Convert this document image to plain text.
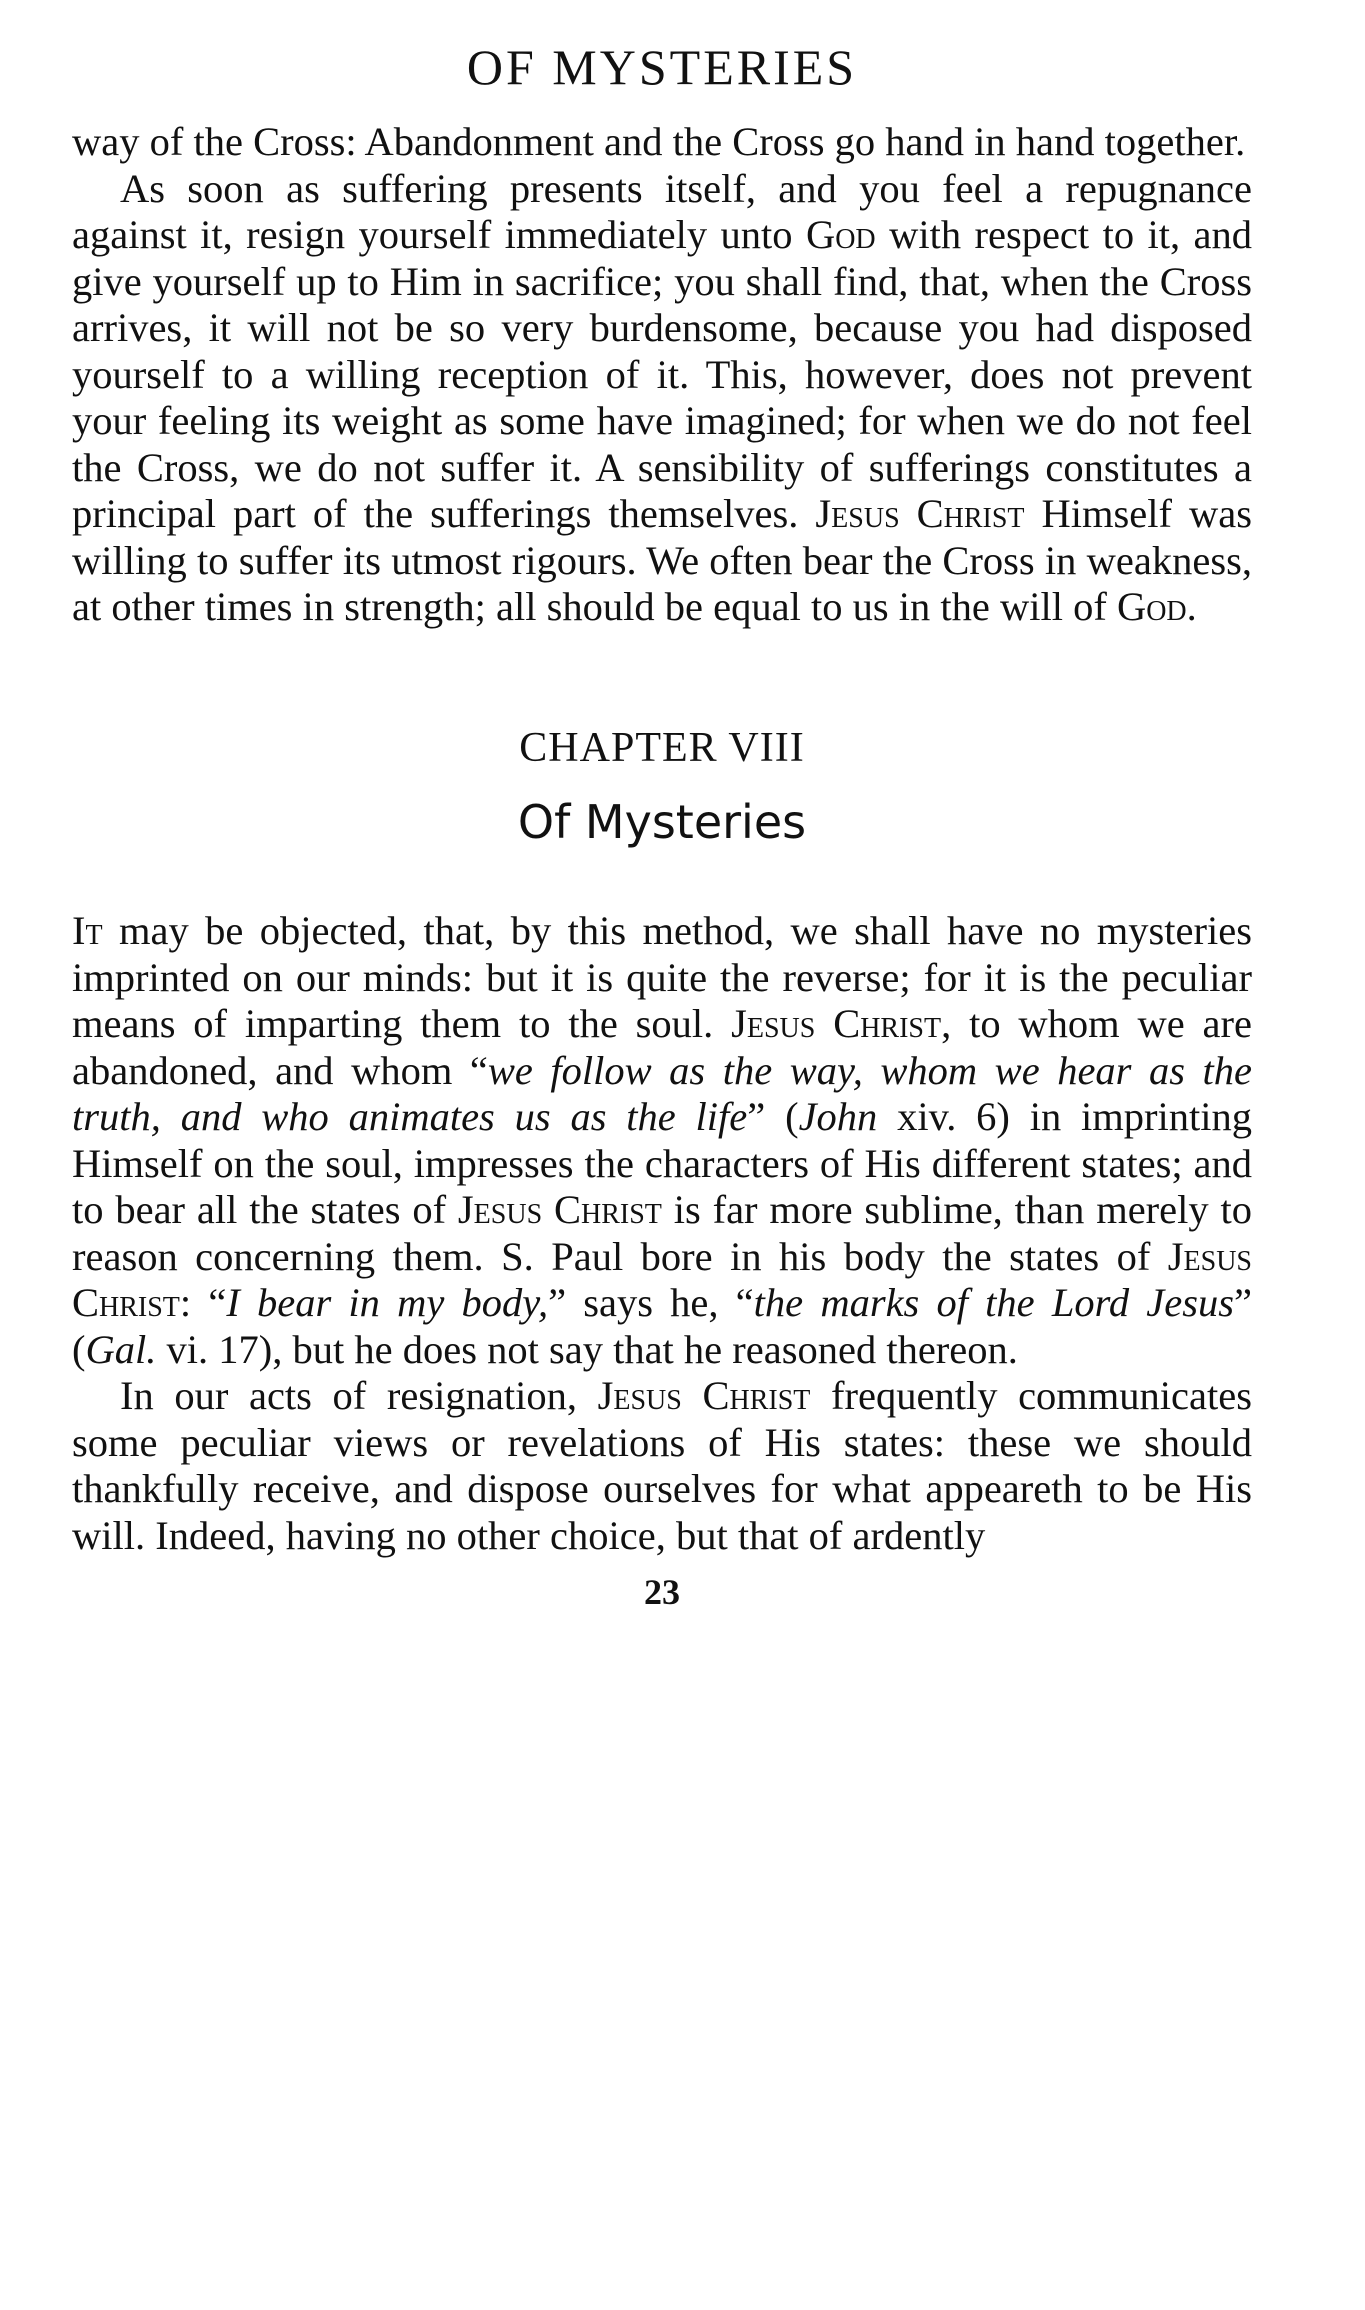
OF MYSTERIES

way of the Cross: Abandonment and the Cross go hand in hand together.

As soon as suffering presents itself, and you feel a repugnance against it, resign yourself immediately unto God with respect to it, and give yourself up to Him in sacrifice; you shall find, that, when the Cross arrives, it will not be so very burdensome, because you had disposed yourself to a willing reception of it. This, however, does not prevent your feeling its weight as some have imagined; for when we do not feel the Cross, we do not suffer it. A sensibility of sufferings constitutes a principal part of the sufferings themselves. Jesus Christ Himself was willing to suffer its utmost rigours. We often bear the Cross in weakness, at other times in strength; all should be equal to us in the will of God.

CHAPTER VIII
Of Mysteries

It may be objected, that, by this method, we shall have no mysteries imprinted on our minds: but it is quite the reverse; for it is the peculiar means of imparting them to the soul. Jesus Christ, to whom we are abandoned, and whom “we follow as the way, whom we hear as the truth, and who animates us as the life” (John xiv. 6) in imprinting Himself on the soul, impresses the characters of His different states; and to bear all the states of Jesus Christ is far more sublime, than merely to reason concerning them. S. Paul bore in his body the states of Jesus Christ: “I bear in my body,” says he, “the marks of the Lord Jesus” (Gal. vi. 17), but he does not say that he reasoned thereon.

In our acts of resignation, Jesus Christ frequently communicates some peculiar views or revelations of His states: these we should thankfully receive, and dispose ourselves for what appeareth to be His will. Indeed, having no other choice, but that of ardently

23
